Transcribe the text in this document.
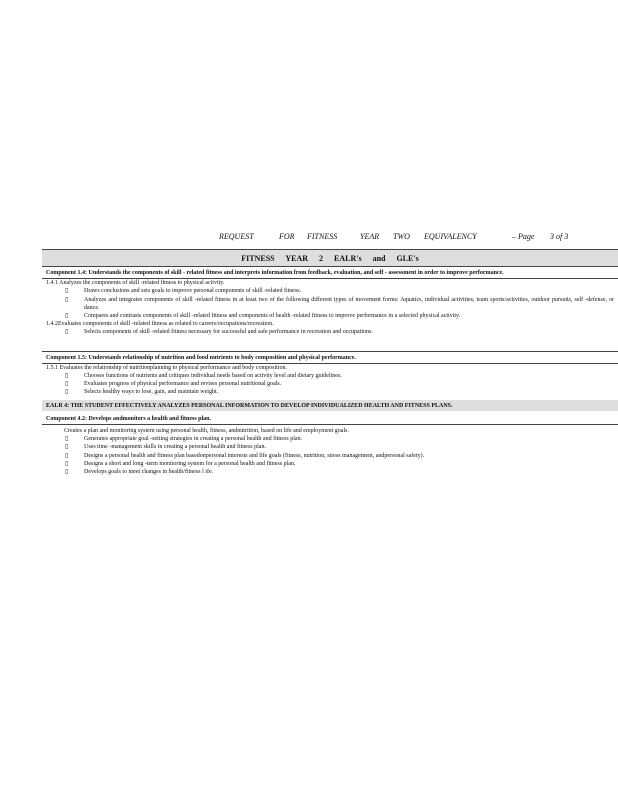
REQUEST	FOR FITNESS	YEAR TWO EQUIVALENCY	– Page 3 of 3
FITNESS YEAR 2 EALR's and GLE's
Component 1.4: Understands the components of skill - related fitness and interprets information from feedback, evaluation, and self - assessment in order to improve performance.
1.4.1 Analyzes the components of skill -related fitness to physical activity.
▯	Draws conclusions and sets goals to improve personal components of skill -related fitness.
▯	Analyzes and integrates components of skill -related fitness in at least two of the following different types of movement forms: Aquatics, individual activities, team sports/activities, outdoor pursuits, self -defense, or dance.
▯	Compares and contrasts components of skill -related fitness and components of health -related fitness to improve performance in a selected physical activity.
1.4.2Evaluates components of skill -related fitness as related to careers/occupations/recreation.
▯	Selects components of skill -related fitness necessary for successful and safe performance in recreation and occupations.
Component 1.5: Understands relationship of nutrition and food nutrients to body composition and physical performance.
1.5.1 Evaluates the relationship of nutritionplanning to physical performance and body composition.
▯	Chooses functions of nutrients and critiques individual needs based on activity level and dietary guidelines.
▯	Evaluates progress of physical performance and revises personal nutritional goals.
▯	Selects healthy ways to lose, gain, and maintain weight.
EALR 4: THE STUDENT EFFECTIVELY ANALYZES PERSONAL INFORMATION TO DEVELOP INDIVIDUALIZED HEALTH AND FITNESS PLANS.
Component 4.2: Develops andmonitors a health and fitness plan.
Creates a plan and monitoring system using personal health, fitness, andnutrition, based on life and employment goals.
▯	Generates appropriate goal -setting strategies in creating a personal health and fitness plan.
▯	Uses time -management skills in creating a personal health and fitness plan.
▯	Designs a personal health and fitness plan basedonpersonal interests and life goals (fitness, nutrition, stress management, andpersonal safety).
▯	Designs a short and long -term monitoring system for a personal health and fitness plan.
▯	Develops goals to meet changes in health/fitness l ife.
